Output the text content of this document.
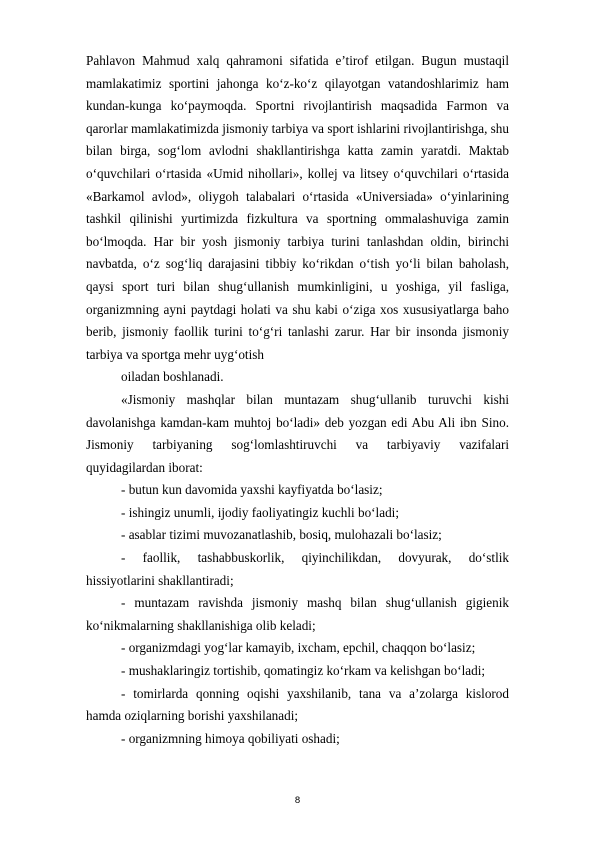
Pahlavon Mahmud xalq qahramoni sifatida e’tirof etilgan. Bugun mustaqil mamlakatimiz sportini jahonga ko‘z-ko‘z qilayotgan vatandoshlarimiz ham kundan-kunga ko‘paymoqda. Sportni rivojlantirish maqsadida Farmon va qarorlar mamlakatimizda jismoniy tarbiya va sport ishlarini rivojlantirishga, shu bilan birga, sog‘lom avlodni shakllantirishga katta zamin yaratdi. Maktab o‘quvchilari o‘rtasida «Umid nihollari», kollej va litsey o‘quvchilari o‘rtasida «Barkamol avlod», oliygoh talabalari o‘rtasida «Universiada» o‘yinlarining tashkil qilinishi yurtimizda fizkultura va sportning ommalashuviga zamin bo‘lmoqda. Har bir yosh jismoniy tarbiya turini tanlashdan oldin, birinchi navbatda, o‘z sog‘liq darajasini tibbiy ko‘rikdan o‘tish yo‘li bilan baholash, qaysi sport turi bilan shug‘ullanish mumkinligini, u yoshiga, yil fasliga, organizmning ayni paytdagi holati va shu kabi o‘ziga xos xususiyatlarga baho berib, jismoniy faollik turini to‘g‘ri tanlashi zarur. Har bir insonda jismoniy tarbiya va sportga mehr uyg‘otish

oiladan boshlanadi.

«Jismoniy mashqlar bilan muntazam shug‘ullanib turuvchi kishi davolanishga kamdan-kam muhtoj bo‘ladi» deb yozgan edi Abu Ali ibn Sino. Jismoniy tarbiyaning sog‘lomlashtiruvchi va tarbiyaviy vazifalari quyidagilardan iborat:

- butun kun davomida yaxshi kayfiyatda bo‘lasiz;

- ishingiz unumli, ijodiy faoliyatingiz kuchli bo‘ladi;

- asablar tizimi muvozanatlashib, bosiq, mulohazali bo‘lasiz;

- faollik, tashabbuskorlik, qiyinchilikdan, dovyurak, do‘stlik hissiyotlarini shakllantiradi;

- muntazam ravishda jismoniy mashq bilan shug‘ullanish gigienik ko‘nikmalarning shakllanishiga olib keladi;

- organizmdagi yog‘lar kamayib, ixcham, epchil, chaqqon bo‘lasiz;

- mushaklaringiz tortishib, qomatingiz ko‘rkam va kelishgan bo‘ladi;

- tomirlarda qonning oqishi yaxshilanib, tana va a’zolarga kislorod hamda oziqlarning borishi yaxshilanadi;

- organizmning himoya qobiliyati oshadi;

8
